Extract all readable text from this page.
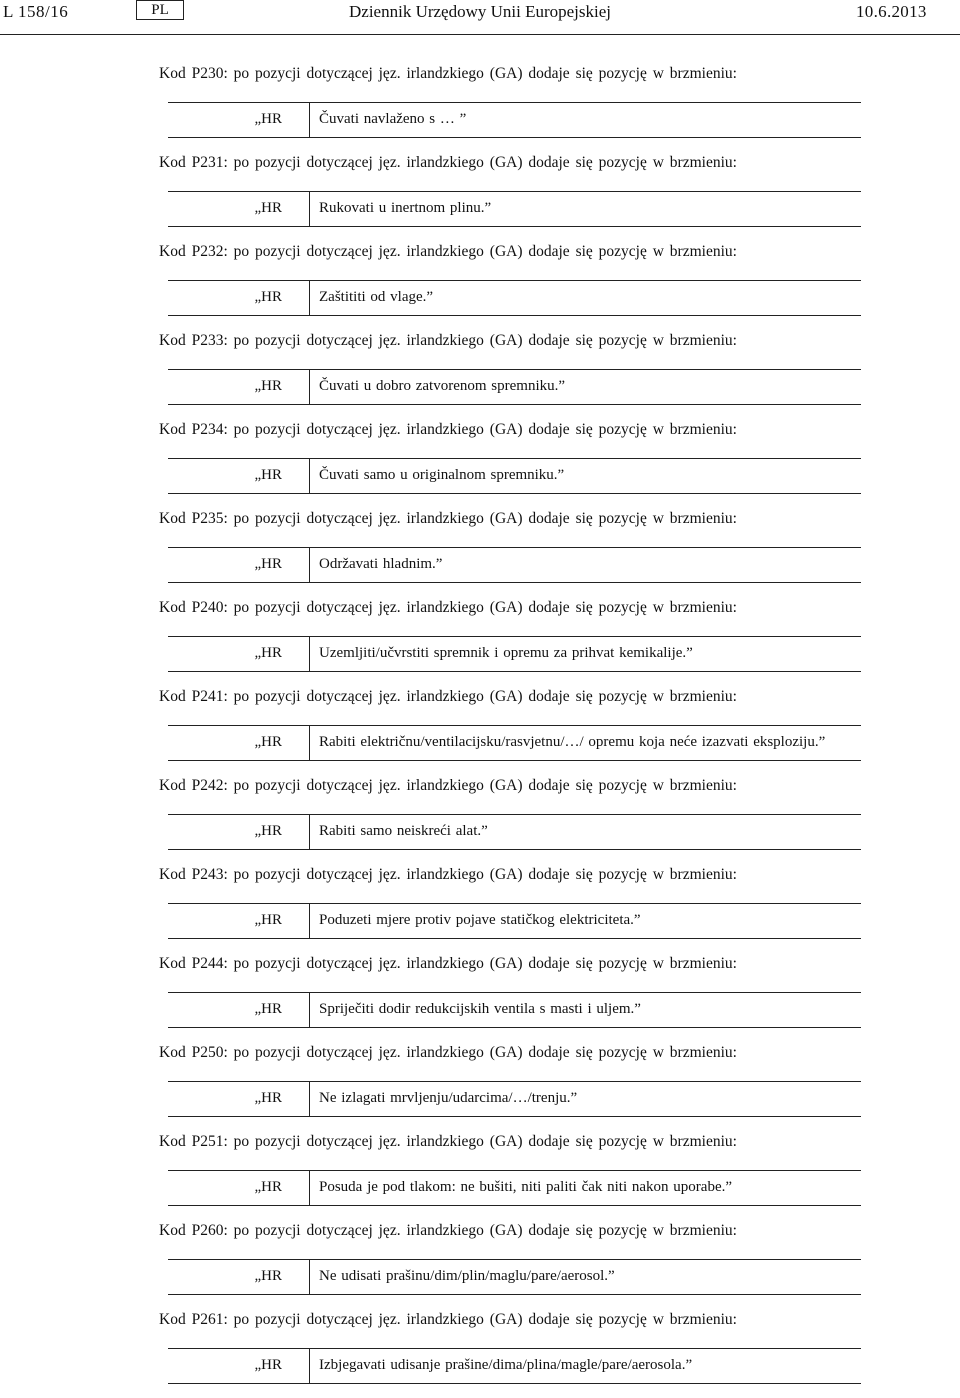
L 158/16	PL	Dziennik Urzędowy Unii Europejskiej	10.6.2013
Kod P230: po pozycji dotyczącej jęz. irlandzkiego (GA) dodaje się pozycję w brzmieniu:
„HR Čuvati navlaženo s … ”
Kod P231: po pozycji dotyczącej jęz. irlandzkiego (GA) dodaje się pozycję w brzmieniu:
„HR Rukovati u inertnom plinu.”
Kod P232: po pozycji dotyczącej jęz. irlandzkiego (GA) dodaje się pozycję w brzmieniu:
„HR Zaštititi od vlage.”
Kod P233: po pozycji dotyczącej jęz. irlandzkiego (GA) dodaje się pozycję w brzmieniu:
„HR Čuvati u dobro zatvorenom spremniku.”
Kod P234: po pozycji dotyczącej jęz. irlandzkiego (GA) dodaje się pozycję w brzmieniu:
„HR Čuvati samo u originalnom spremniku.”
Kod P235: po pozycji dotyczącej jęz. irlandzkiego (GA) dodaje się pozycję w brzmieniu:
„HR Održavati hladnim.”
Kod P240: po pozycji dotyczącej jęz. irlandzkiego (GA) dodaje się pozycję w brzmieniu:
„HR Uzemljiti/učvrstiti spremnik i opremu za prihvat kemikalije.”
Kod P241: po pozycji dotyczącej jęz. irlandzkiego (GA) dodaje się pozycję w brzmieniu:
„HR Rabiti električnu/ventilacijsku/rasvjetnu/…/ opremu koja neće izazvati eksploziju.”
Kod P242: po pozycji dotyczącej jęz. irlandzkiego (GA) dodaje się pozycję w brzmieniu:
„HR Rabiti samo neiskreći alat.”
Kod P243: po pozycji dotyczącej jęz. irlandzkiego (GA) dodaje się pozycję w brzmieniu:
„HR Poduzeti mjere protiv pojave statičkog elektriciteta.”
Kod P244: po pozycji dotyczącej jęz. irlandzkiego (GA) dodaje się pozycję w brzmieniu:
„HR Spriječiti dodir redukcijskih ventila s masti i uljem.”
Kod P250: po pozycji dotyczącej jęz. irlandzkiego (GA) dodaje się pozycję w brzmieniu:
„HR Ne izlagati mrvljenju/udarcima/…/trenju.”
Kod P251: po pozycji dotyczącej jęz. irlandzkiego (GA) dodaje się pozycję w brzmieniu:
„HR Posuda je pod tlakom: ne bušiti, niti paliti čak niti nakon uporabe.”
Kod P260: po pozycji dotyczącej jęz. irlandzkiego (GA) dodaje się pozycję w brzmieniu:
„HR Ne udisati prašinu/dim/plin/maglu/pare/aerosol.”
Kod P261: po pozycji dotyczącej jęz. irlandzkiego (GA) dodaje się pozycję w brzmieniu:
„HR Izbjegavati udisanje prašine/dima/plina/magle/pare/aerosola.”
